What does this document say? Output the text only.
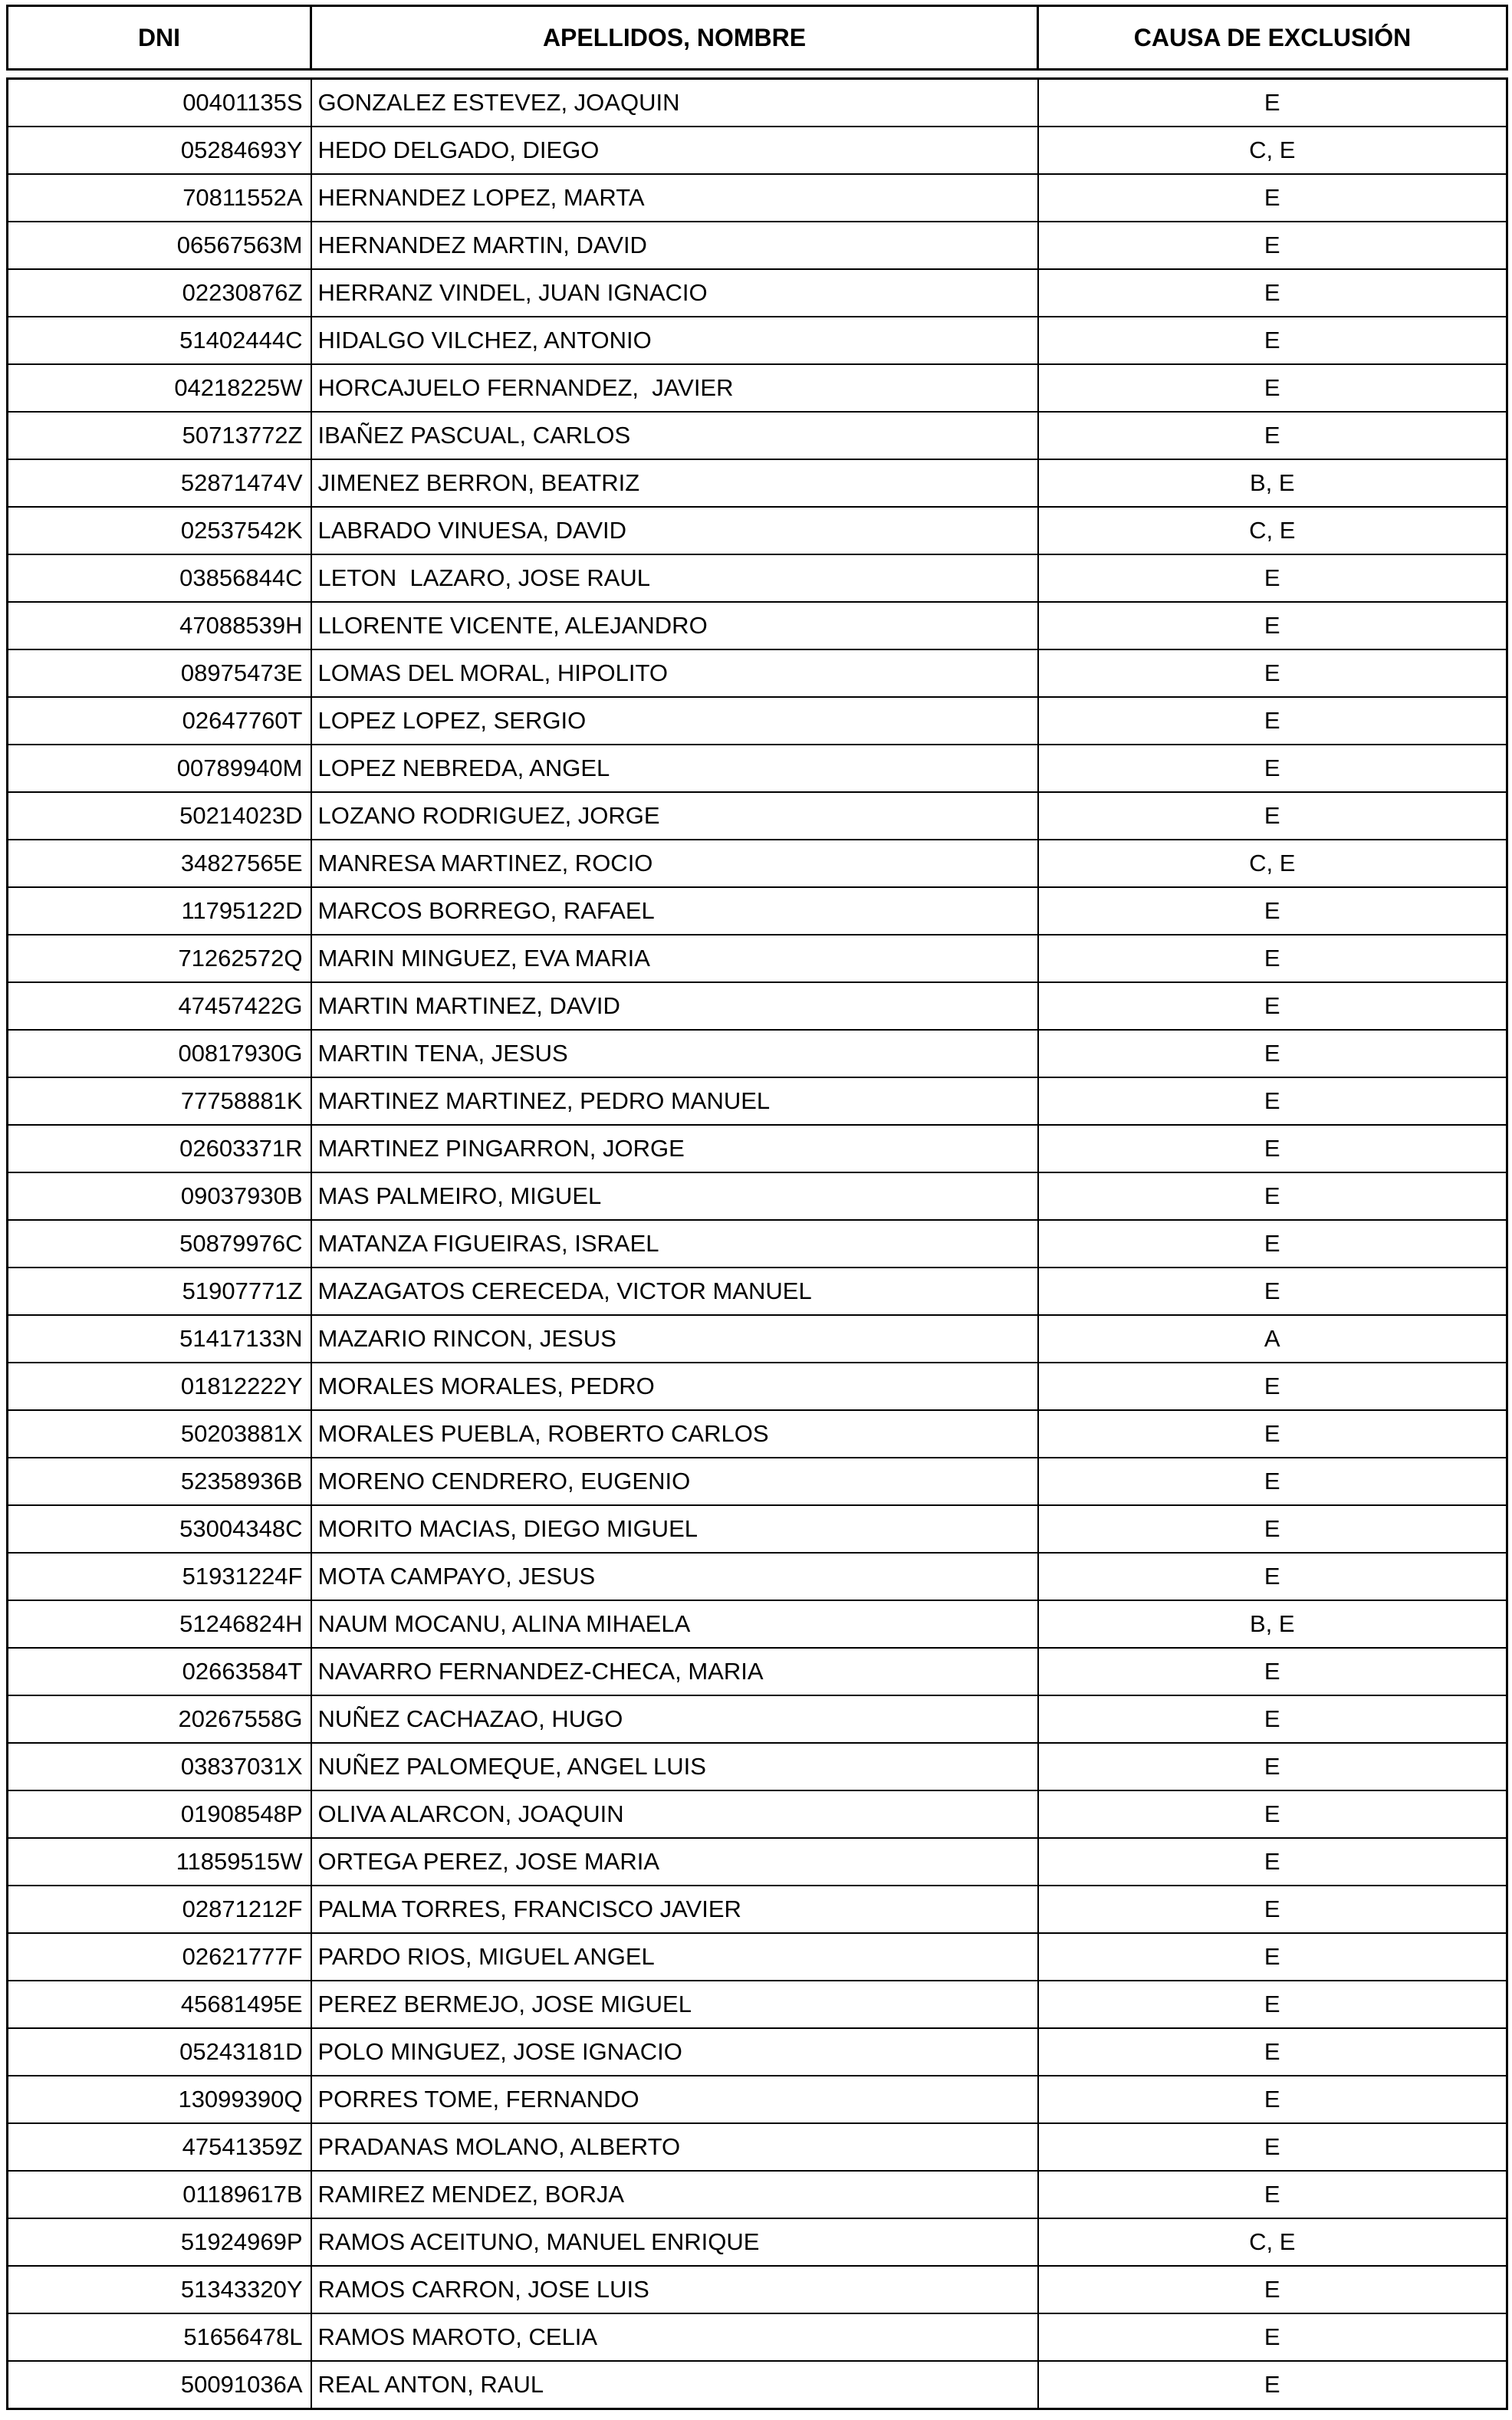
DNI	APELLIDOS, NOMBRE	CAUSA DE EXCLUSIÓN
00401135S	GONZALEZ ESTEVEZ, JOAQUIN	E
05284693Y	HEDO DELGADO, DIEGO	C, E
70811552A	HERNANDEZ LOPEZ, MARTA	E
06567563M	HERNANDEZ MARTIN, DAVID	E
02230876Z	HERRANZ VINDEL, JUAN IGNACIO	E
51402444C	HIDALGO VILCHEZ, ANTONIO	E
04218225W	HORCAJUELO FERNANDEZ,  JAVIER	E
50713772Z	IBAÑEZ PASCUAL, CARLOS	E
52871474V	JIMENEZ BERRON, BEATRIZ	B, E
02537542K	LABRADO VINUESA, DAVID	C, E
03856844C	LETON  LAZARO, JOSE RAUL	E
47088539H	LLORENTE VICENTE, ALEJANDRO	E
08975473E	LOMAS DEL MORAL, HIPOLITO	E
02647760T	LOPEZ LOPEZ, SERGIO	E
00789940M	LOPEZ NEBREDA, ANGEL	E
50214023D	LOZANO RODRIGUEZ, JORGE	E
34827565E	MANRESA MARTINEZ, ROCIO	C, E
11795122D	MARCOS BORREGO, RAFAEL	E
71262572Q	MARIN MINGUEZ, EVA MARIA	E
47457422G	MARTIN MARTINEZ, DAVID	E
00817930G	MARTIN TENA, JESUS	E
77758881K	MARTINEZ MARTINEZ, PEDRO MANUEL	E
02603371R	MARTINEZ PINGARRON, JORGE	E
09037930B	MAS PALMEIRO, MIGUEL	E
50879976C	MATANZA FIGUEIRAS, ISRAEL	E
51907771Z	MAZAGATOS CERECEDA, VICTOR MANUEL	E
51417133N	MAZARIO RINCON, JESUS	A
01812222Y	MORALES MORALES, PEDRO	E
50203881X	MORALES PUEBLA, ROBERTO CARLOS	E
52358936B	MORENO CENDRERO, EUGENIO	E
53004348C	MORITO MACIAS, DIEGO MIGUEL	E
51931224F	MOTA CAMPAYO, JESUS	E
51246824H	NAUM MOCANU, ALINA MIHAELA	B, E
02663584T	NAVARRO FERNANDEZ-CHECA, MARIA	E
20267558G	NUÑEZ CACHAZAO, HUGO	E
03837031X	NUÑEZ PALOMEQUE, ANGEL LUIS	E
01908548P	OLIVA ALARCON, JOAQUIN	E
11859515W	ORTEGA PEREZ, JOSE MARIA	E
02871212F	PALMA TORRES, FRANCISCO JAVIER	E
02621777F	PARDO RIOS, MIGUEL ANGEL	E
45681495E	PEREZ BERMEJO, JOSE MIGUEL	E
05243181D	POLO MINGUEZ, JOSE IGNACIO	E
13099390Q	PORRES TOME, FERNANDO	E
47541359Z	PRADANAS MOLANO, ALBERTO	E
01189617B	RAMIREZ MENDEZ, BORJA	E
51924969P	RAMOS ACEITUNO, MANUEL ENRIQUE	C, E
51343320Y	RAMOS CARRON, JOSE LUIS	E
51656478L	RAMOS MAROTO, CELIA	E
50091036A	REAL ANTON, RAUL	E
